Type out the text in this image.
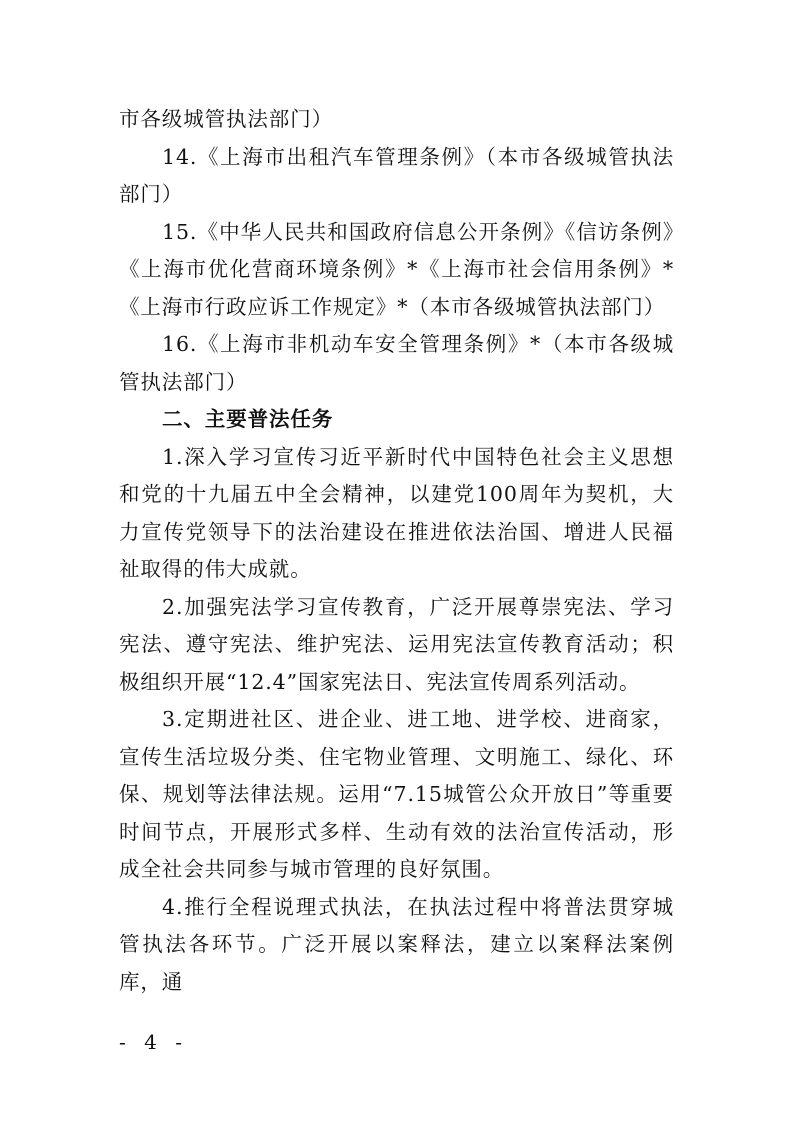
市各级城管执法部门）

14.《上海市出租汽车管理条例》（本市各级城管执法部门）

15.《中华人民共和国政府信息公开条例》《信访条例》《上海市优化营商环境条例》*《上海市社会信用条例》*《上海市行政应诉工作规定》*（本市各级城管执法部门）

16.《上海市非机动车安全管理条例》*（本市各级城管执法部门）

二、主要普法任务

1.深入学习宣传习近平新时代中国特色社会主义思想和党的十九届五中全会精神，以建党100周年为契机，大力宣传党领导下的法治建设在推进依法治国、增进人民福祉取得的伟大成就。

2.加强宪法学习宣传教育，广泛开展尊崇宪法、学习宪法、遵守宪法、维护宪法、运用宪法宣传教育活动；积极组织开展“12.4”国家宪法日、宪法宣传周系列活动。

3.定期进社区、进企业、进工地、进学校、进商家，宣传生活垃圾分类、住宅物业管理、文明施工、绿化、环保、规划等法律法规。运用“7.15城管公众开放日”等重要时间节点，开展形式多样、生动有效的法治宣传活动，形成全社会共同参与城市管理的良好氛围。

4.推行全程说理式执法，在执法过程中将普法贯穿城管执法各环节。广泛开展以案释法，建立以案释法案例库，通

- 4 -
